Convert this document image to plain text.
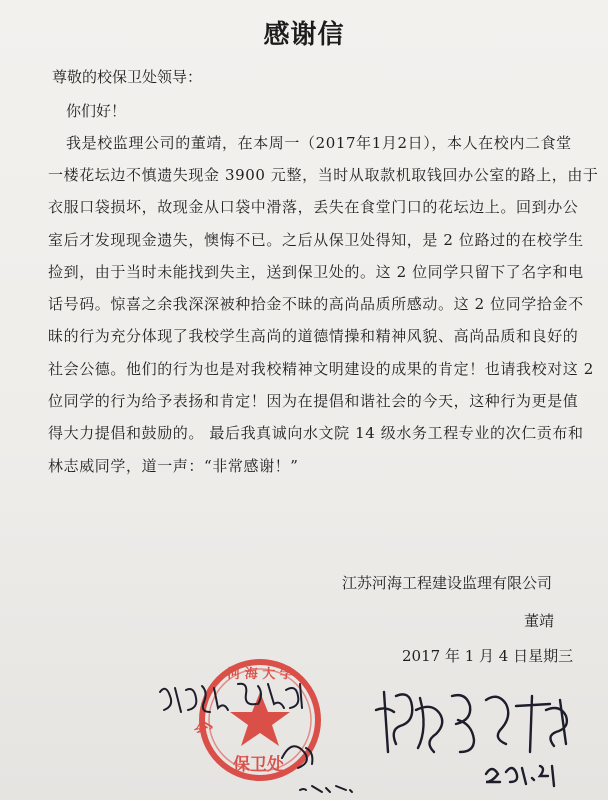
感谢信
尊敬的校保卫处领导：
你们好！
我是校监理公司的董靖，在本周一（2017年1月2日），本人在校内二食堂
一楼花坛边不慎遗失现金 3900 元整，当时从取款机取钱回办公室的路上，由于
衣服口袋损坏，故现金从口袋中滑落，丢失在食堂门口的花坛边上。回到办公
室后才发现现金遗失，懊悔不已。之后从保卫处得知，是 2 位路过的在校学生
捡到，由于当时未能找到失主，送到保卫处的。这 2 位同学只留下了名字和电
话号码。惊喜之余我深深被种拾金不昧的高尚品质所感动。这 2 位同学拾金不
昧的行为充分体现了我校学生高尚的道德情操和精神风貌、高尚品质和良好的
社会公德。他们的行为也是对我校精神文明建设的成果的肯定！也请我校对这 2
位同学的行为给予表扬和肯定！因为在提倡和谐社会的今天，这种行为更是值
得大力提倡和鼓励的。 最后我真诚向水文院 14 级水务工程专业的次仁贡布和
林志威同学，道一声：“非常感谢！”
江苏河海工程建设监理有限公司
董靖
2017 年 1 月 4 日星期三
河 海 大 学
河
保卫处
